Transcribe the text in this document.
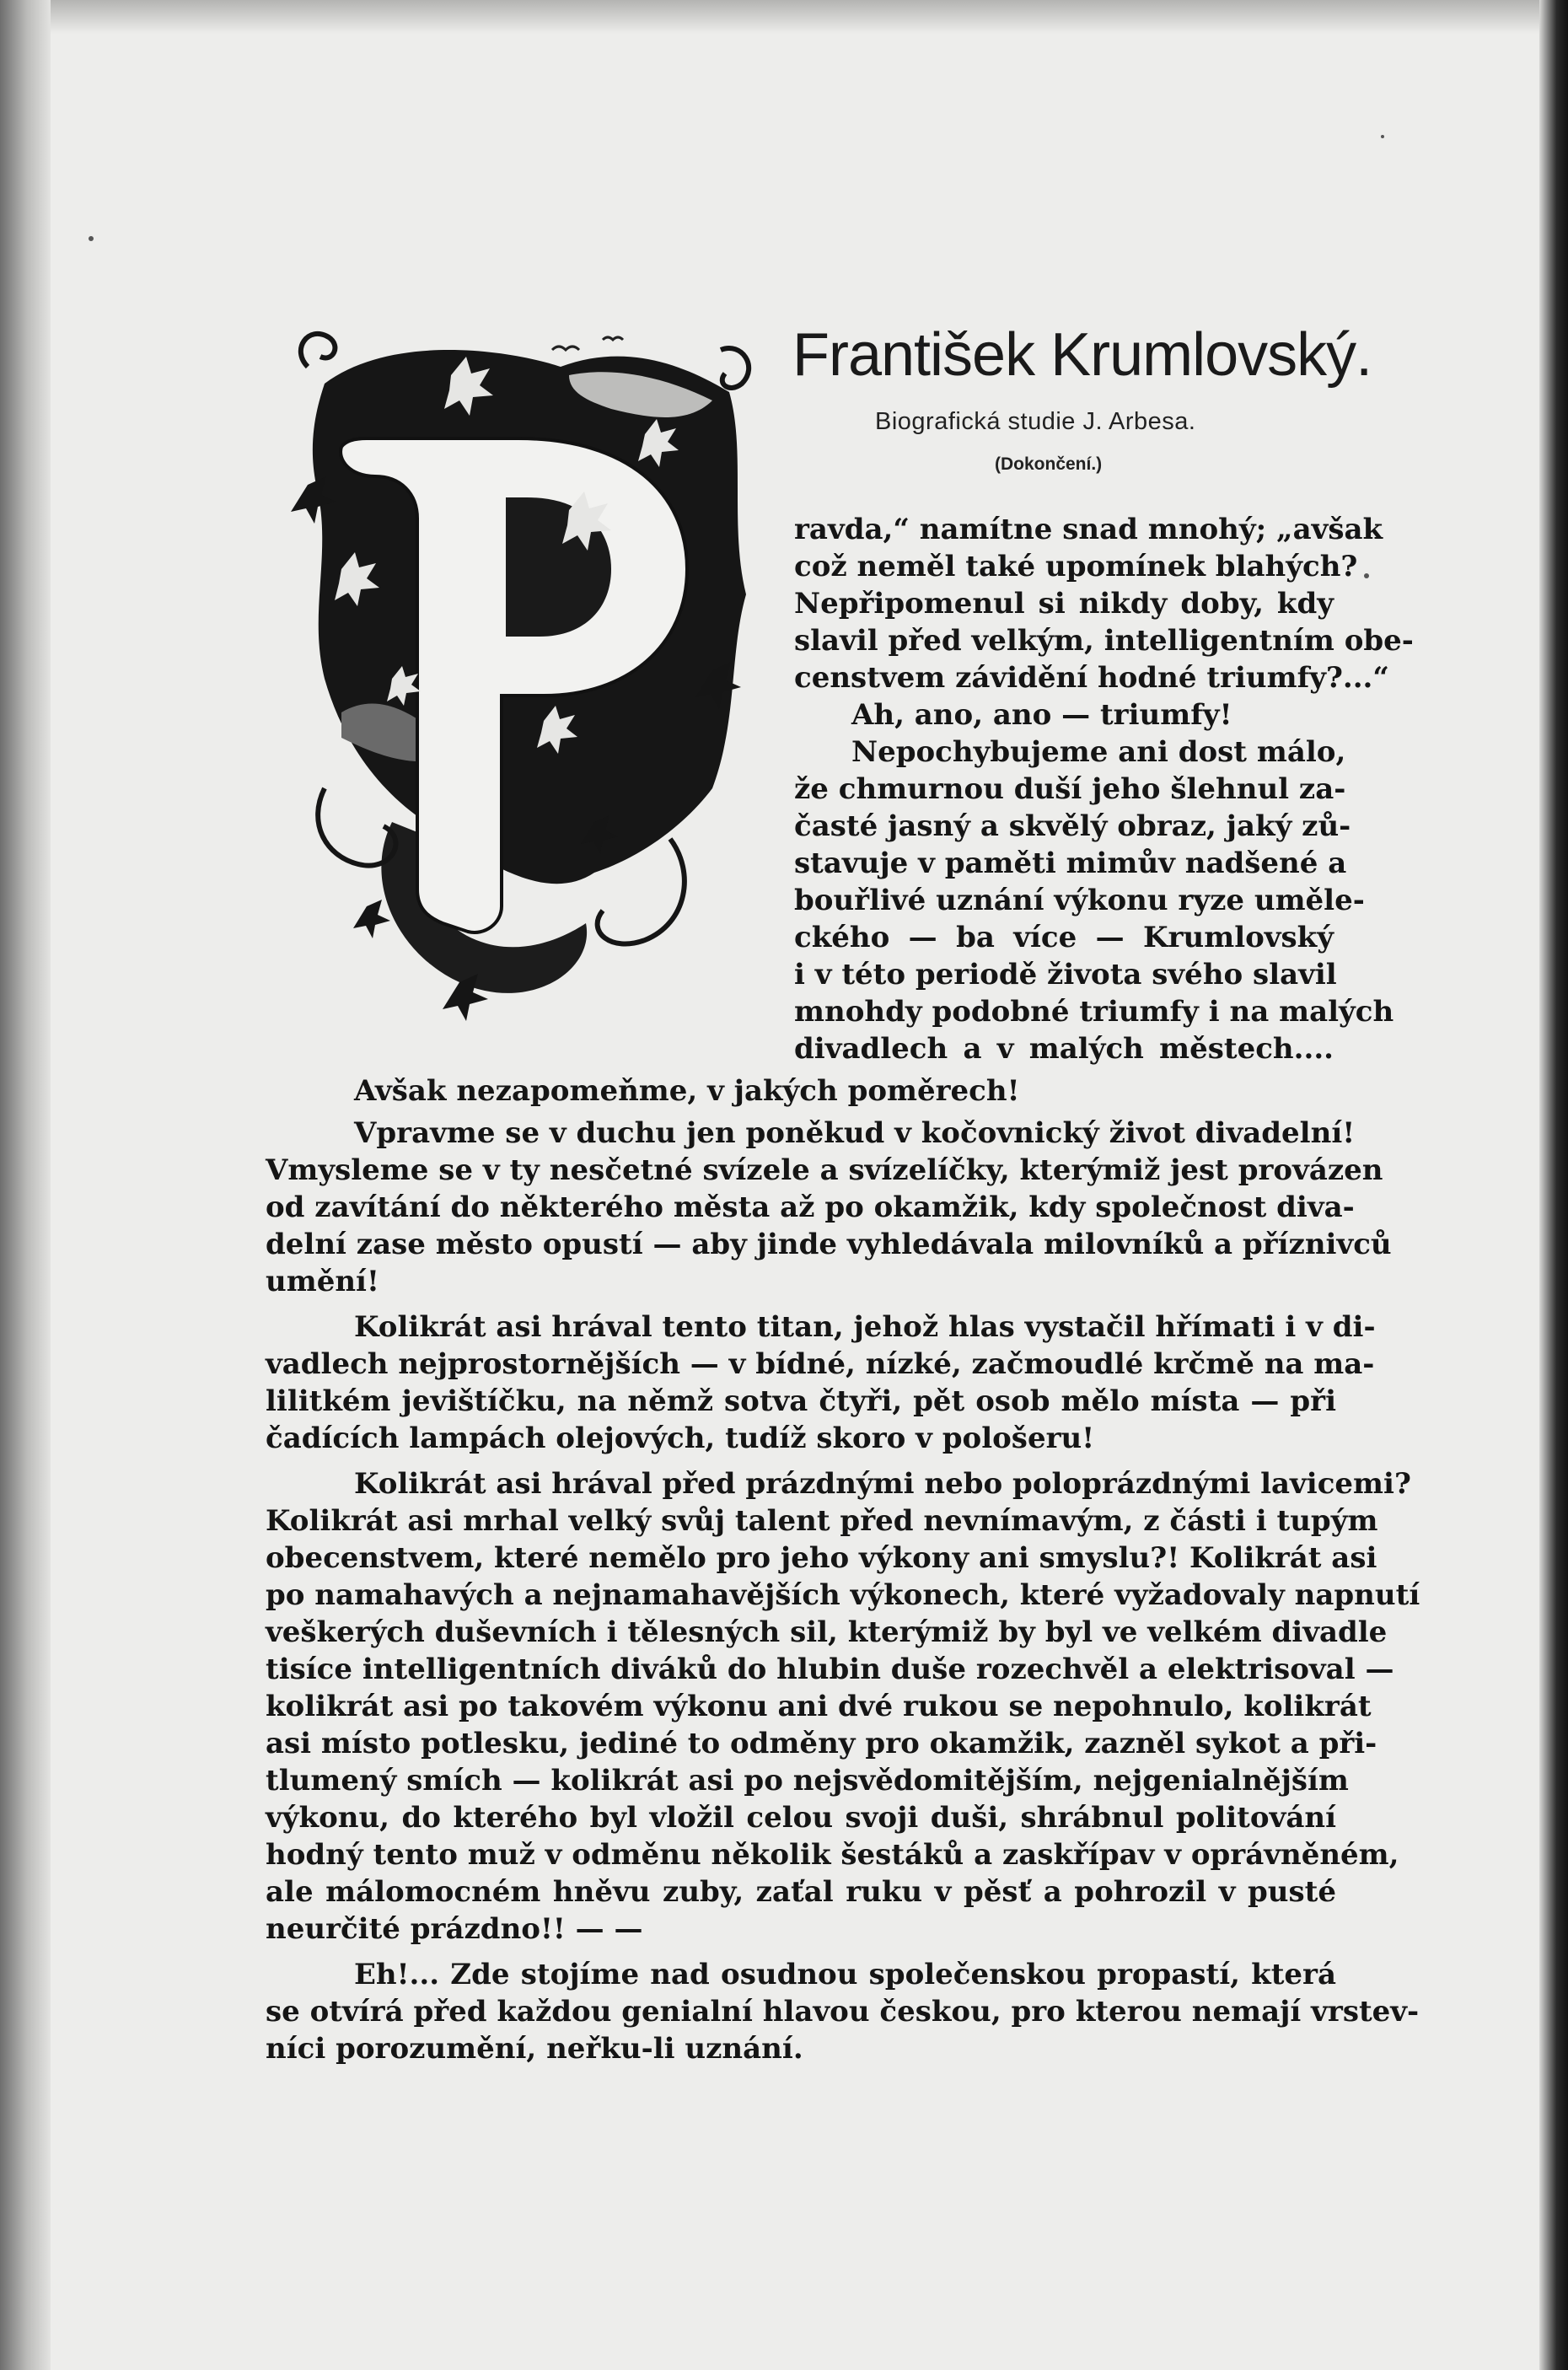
František Krumlovský.
Biografická studie J. Arbesa.
(Dokončení.)
ravda,“ namítne snad mnohý; „avšak
což neměl také upomínek blahých?
Nepřipomenul si nikdy doby, kdy
slavil před velkým, intelligentním obe-
censtvem závidění hodné triumfy?...“
Ah, ano, ano — triumfy!
Nepochybujeme ani dost málo,
že chmurnou duší jeho šlehnul za-
časté jasný a skvělý obraz, jaký zů-
stavuje v paměti mimův nadšené a
bouřlivé uznání výkonu ryze uměle-
ckého — ba více — Krumlovský
i v této periodě života svého slavil
mnohdy podobné triumfy i na malých
divadlech a v malých městech....
Avšak nezapomeňme, v jakých poměrech!
Vpravme se v duchu jen poněkud v kočovnický život divadelní!
Vmysleme se v ty nesčetné svízele a svízelíčky, kterýmiž jest provázen
od zavítání do některého města až po okamžik, kdy společnost diva-
delní zase město opustí — aby jinde vyhledávala milovníků a příznivců
umění!
Kolikrát asi hrával tento titan, jehož hlas vystačil hřímati i v di-
vadlech nejprostornějších — v bídné, nízké, začmoudlé krčmě na ma-
lilitkém jevištíčku, na němž sotva čtyři, pět osob mělo místa — při
čadících lampách olejových, tudíž skoro v pološeru!
Kolikrát asi hrával před prázdnými nebo poloprázdnými lavicemi?
Kolikrát asi mrhal velký svůj talent před nevnímavým, z části i tupým
obecenstvem, které nemělo pro jeho výkony ani smyslu?! Kolikrát asi
po namahavých a nejnamahavějších výkonech, které vyžadovaly napnutí
veškerých duševních i tělesných sil, kterýmiž by byl ve velkém divadle
tisíce intelligentních diváků do hlubin duše rozechvěl a elektrisoval —
kolikrát asi po takovém výkonu ani dvé rukou se nepohnulo, kolikrát
asi místo potlesku, jediné to odměny pro okamžik, zazněl sykot a při-
tlumený smích — kolikrát asi po nejsvědomitějším, nejgenialnějším
výkonu, do kterého byl vložil celou svoji duši, shrábnul politování
hodný tento muž v odměnu několik šestáků a zaskřípav v oprávněném,
ale málomocném hněvu zuby, zaťal ruku v pěsť a pohrozil v pusté
neurčité prázdno!! — —
Eh!... Zde stojíme nad osudnou společenskou propastí, která
se otvírá před každou genialní hlavou českou, pro kterou nemají vrstev-
níci porozumění, neřku-li uznání.
